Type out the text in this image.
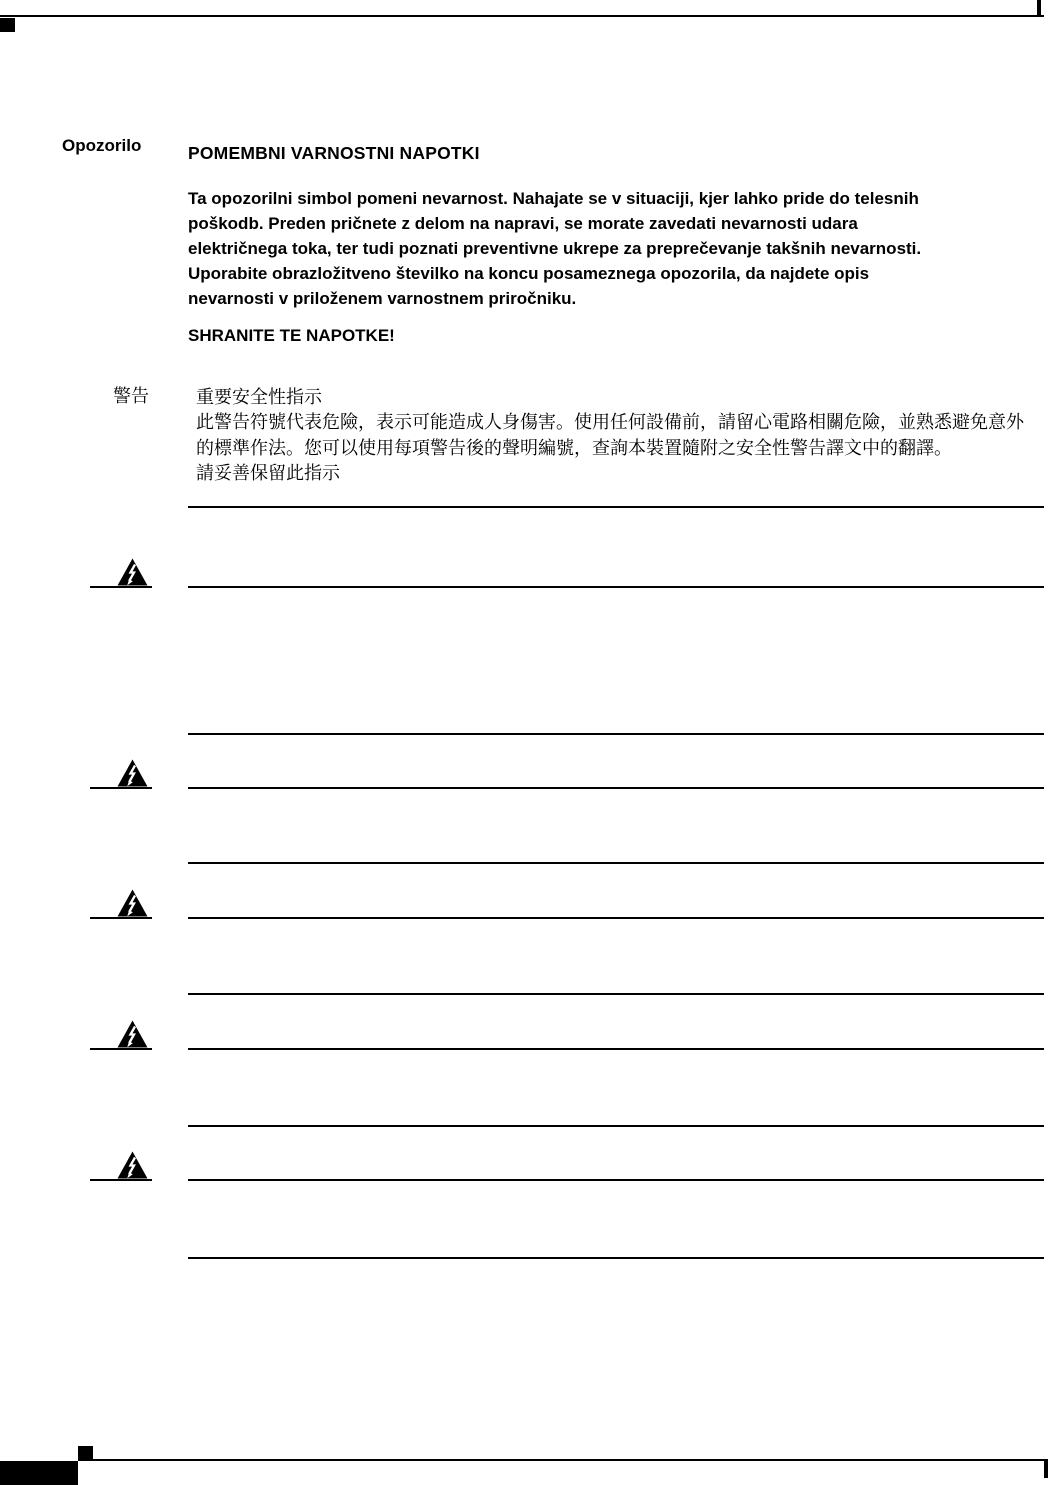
Opozorilo	POMEMBNI VARNOSTNI NAPOTKI
Ta opozorilni simbol pomeni nevarnost. Nahajate se v situaciji, kjer lahko pride do telesnih
poškodb. Preden pričnete z delom na napravi, se morate zavedati nevarnosti udara
električnega toka, ter tudi poznati preventivne ukrepe za preprečevanje takšnih nevarnosti.
Uporabite obrazložitveno številko na koncu posameznega opozorila, da najdete opis
nevarnosti v priloženem varnostnem priročniku.
SHRANITE TE NAPOTKE!
警告	重要安全性指示
此警告符號代表危險，表示可能造成人身傷害。使用任何設備前，請留心電路相關危險，並熟悉避免意外
的標準作法。您可以使用每項警告後的聲明編號，查詢本裝置隨附之安全性警告譯文中的翻譯。
請妥善保留此指示
